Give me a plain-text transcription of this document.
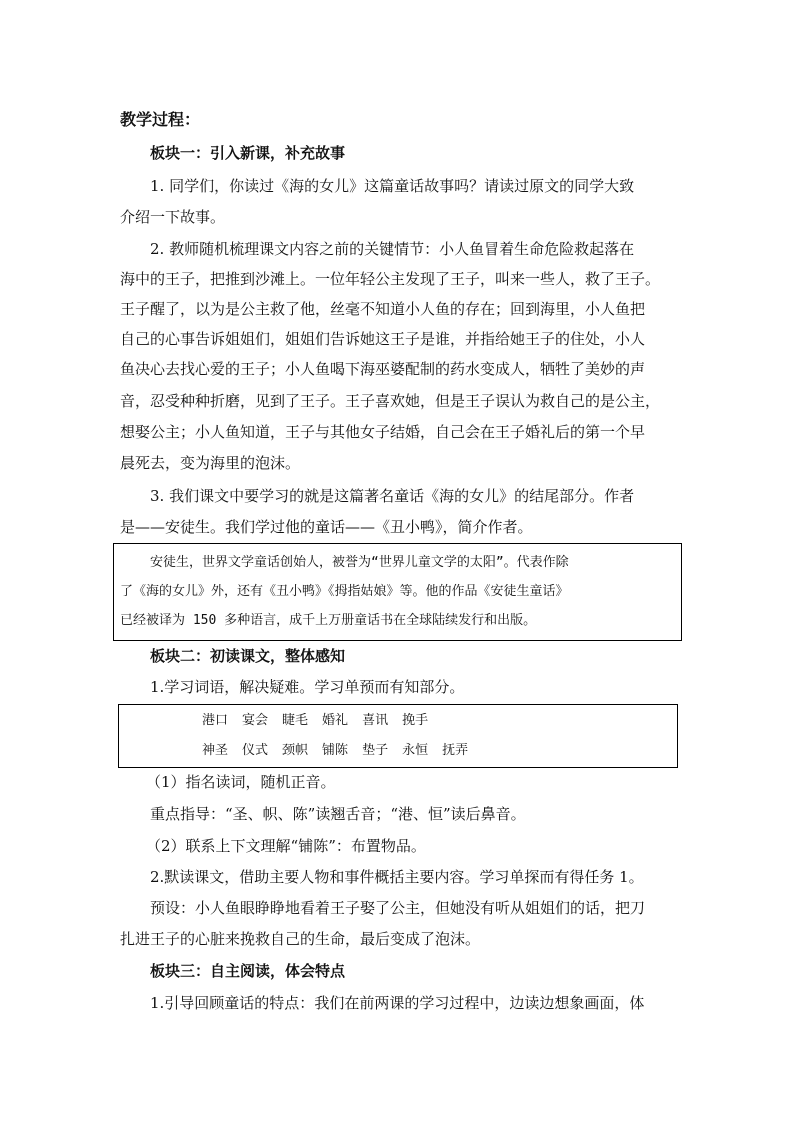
教学过程：
板块一：引入新课，补充故事
1. 同学们，你读过《海的女儿》这篇童话故事吗？请读过原文的同学大致
介绍一下故事。
2. 教师随机梳理课文内容之前的关键情节：小人鱼冒着生命危险救起落在
海中的王子，把推到沙滩上。一位年轻公主发现了王子，叫来一些人，救了王子。
王子醒了，以为是公主救了他，丝毫不知道小人鱼的存在；回到海里，小人鱼把
自己的心事告诉姐姐们，姐姐们告诉她这王子是谁，并指给她王子的住处，小人
鱼决心去找心爱的王子；小人鱼喝下海巫婆配制的药水变成人，牺牲了美妙的声
音，忍受种种折磨，见到了王子。王子喜欢她，但是王子误认为救自己的是公主，
想娶公主；小人鱼知道，王子与其他女子结婚，自己会在王子婚礼后的第一个早
晨死去，变为海里的泡沫。
3. 我们课文中要学习的就是这篇著名童话《海的女儿》的结尾部分。作者
是——安徒生。我们学过他的童话——《丑小鸭》，简介作者。
安徒生，世界文学童话创始人，被誉为“世界儿童文学的太阳”。代表作除
了《海的女儿》外，还有《丑小鸭》《拇指姑娘》等。他的作品《安徒生童话》
已经被译为 150 多种语言，成千上万册童话书在全球陆续发行和出版。
板块二：初读课文，整体感知
1.学习词语，解决疑难。学习单预而有知部分。
港口 宴会 睫毛 婚礼 喜讯 挽手
神圣 仪式 颈帜 铺陈 垫子 永恒 抚弄
（1）指名读词，随机正音。
重点指导：“圣、帜、陈”读翘舌音；“港、恒”读后鼻音。
（2）联系上下文理解“铺陈”：布置物品。
2.默读课文，借助主要人物和事件概括主要内容。学习单探而有得任务 1。
预设：小人鱼眼睁睁地看着王子娶了公主，但她没有听从姐姐们的话，把刀
扎进王子的心脏来挽救自己的生命，最后变成了泡沫。
板块三：自主阅读，体会特点
1.引导回顾童话的特点：我们在前两课的学习过程中，边读边想象画面，体
